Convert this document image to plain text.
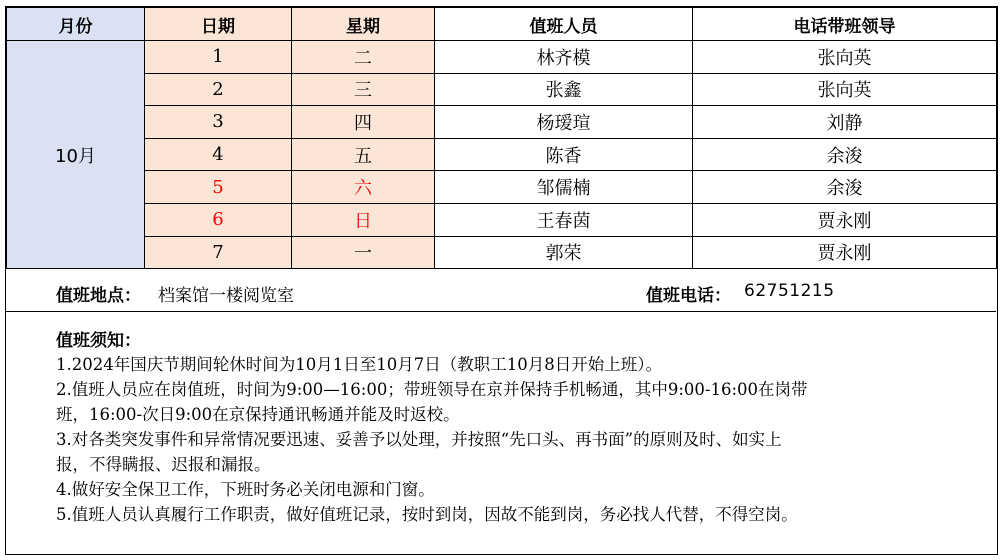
月份	日期	星期	值班人员	电话带班领导
10月	1	二	林齐模	张向英
	2	三	张鑫	张向英
	3	四	杨瑷瑄	刘静
	4	五	陈香	余浚
	5	六	邹儒楠	余浚
	6	日	王春茵	贾永刚
	7	一	郭荣	贾永刚
值班地点： 档案馆一楼阅览室	值班电话： 62751215
值班须知：
1.2024年国庆节期间轮休时间为10月1日至10月7日（教职工10月8日开始上班）。
2.值班人员应在岗值班，时间为9:00—16:00；带班领导在京并保持手机畅通，其中9:00-16:00在岗带
班，16:00-次日9:00在京保持通讯畅通并能及时返校。
3.对各类突发事件和异常情况要迅速、妥善予以处理，并按照“先口头、再书面”的原则及时、如实上
报，不得瞒报、迟报和漏报。
4.做好安全保卫工作，下班时务必关闭电源和门窗。
5.值班人员认真履行工作职责，做好值班记录，按时到岗，因故不能到岗，务必找人代替，不得空岗。
